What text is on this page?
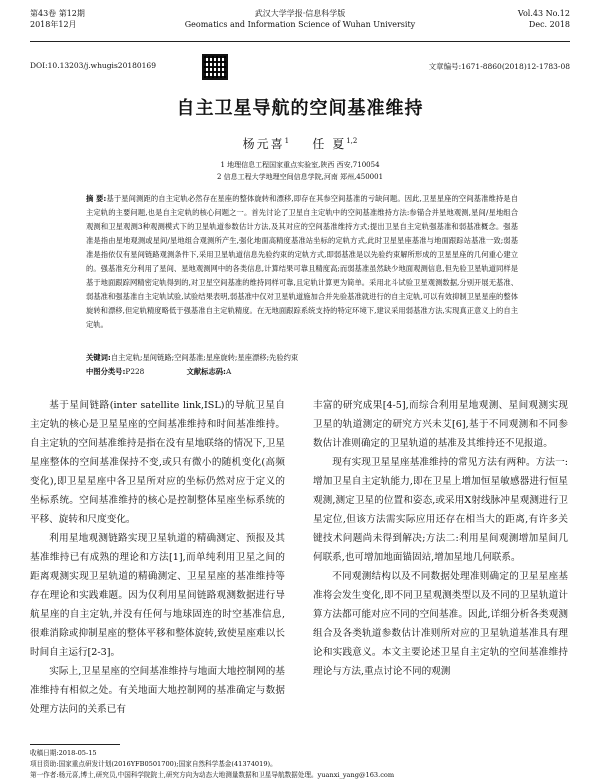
第43卷 第12期
2018年12月
武汉大学学报·信息科学版
Geomatics and Information Science of Wuhan University
Vol.43 No.12
Dec. 2018
DOI:10.13203/j.whugis20180169	文章编号:1671-8860(2018)12-1783-08
自主卫星导航的空间基准维持
杨元喜$^1$ 任 夏$^{1,2}$
1 地理信息工程国家重点实验室,陕西 西安,710054
2 信息工程大学地理空间信息学院,河南 郑州,450001
摘 要:基于星间测距的自主定轨必然存在星座的整体旋转和漂移,即存在其参空间基准的亏缺问题。因此,卫星星座的空间基准维持是自主定轨的主要问题,也是自主定轨的核心问题之一。首先讨论了卫星自主定轨中的空间基准维持方法:参锚合并星地观测,星间/星地组合观测和卫星观测3种观测模式下的卫星轨道参数估计方法,及其对应的空间基准维持方式;提出卫星自主定轨强基准和弱基准概念。强基准是指由星地观测或星间/星地组合观测所产生,强化地面高精度基准站坐标的定轨方式,此时卫星星座基准与地面跟踪站基准一致;弱基准是指依仅有星间链路观测条件下,采用卫星轨道信息先验约束的定轨方式,即弱基准是以先验约束解所形成的卫星星座的几何重心建立的。强基准充分利用了星间、星地观测网中的各类信息,计算结果可靠且精度高;而弱基准虽然缺少地面观测信息,但先验卫星轨道同样是基于地面跟踪网精密定轨得到的,对卫星空间基准的维持同样可靠,且定轨计算更为简单。采用北斗试验卫星观测数据,分别开展无基准、弱基准和强基准自主定轨试验,试验结果表明,弱基准中仅对卫星轨道施加合并先验基准就进行的自主定轨,可以有效抑制卫星星座的整体旋转和漂移,但定轨精度略低于强基准自主定轨精度。在无地面跟踪系统支持的特定环境下,建议采用弱基准方法,实现真正意义上的自主定轨。
关键词:自主定轨;星间链路;空间基准;星座旋转;星座漂移;先验约束
中图分类号:P228	文献标志码:A

基于星间链路(inter satellite link,ISL)的导航卫星自主定轨的核心是卫星星座的空间基准维持和时间基准维持。自主定轨的空间基准维持是指在没有星地联络的情况下,卫星星座整体的空间基准保持不变,或只有微小的随机变化(高频变化),即卫星星座中各卫星所对应的坐标仍然对应于定义的坐标系统。空间基准维持的核心是控制整体星座坐标系统的平移、旋转和尺度变化。

利用星地观测链路实现卫星轨道的精确测定、预报及其基准维持已有成熟的理论和方法[1],而单纯利用卫星之间的距离观测实现卫星轨道的精确测定、卫星星座的基准维持等存在理论和实践难题。因为仅利用星间链路观测数据进行导航星座的自主定轨,并没有任何与地球固连的时空基准信息,很难消除或抑制星座的整体平移和整体旋转,致使星座难以长时间自主运行[2-3]。

实际上,卫星星座的空间基准维持与地面大地控制网的基准维持有相似之处。有关地面大地控制网的基准确定与数据处理方法问的关系已有

丰富的研究成果[4-5],而综合利用星地观测、星间观测实现卫星的轨道测定的研究方兴未艾[6],基于不同观测和不同参数估计准则确定的卫星轨道的基准及其维持还不见报道。

现有实现卫星星座基准维持的常见方法有两种。方法一:增加卫星自主定轨能力,即在卫星上增加恒星敏感器进行恒星观测,测定卫星的位置和姿态,或采用X射线脉冲星观测进行卫星定位,但该方法需实际应用还存在相当大的距离,有许多关键技术问题尚未得到解决;方法二:利用星间观测增加星间几何联系,也可增加地面锚固站,增加星地几何联系。

不同观测结构以及不同数据处理准则确定的卫星星座基准将会发生变化,即不同卫星观测类型以及不同的卫星轨道计算方法都可能对应不同的空间基准。因此,详细分析各类观测组合及各类轨道参数估计准则所对应的卫星轨道基准具有理论和实践意义。本文主要论述卫星自主定轨的空间基准维持理论与方法,重点讨论不同的观测

收稿日期:2018-05-15
项目资助:国家重点研发计划(2016YFB0501700);国家自然科学基金(41374019)。
第一作者:杨元喜,博士,研究员,中国科学院院士,研究方向为动态大地测量数据和卫星导航数据处理。yuanxi_yang@163.com
